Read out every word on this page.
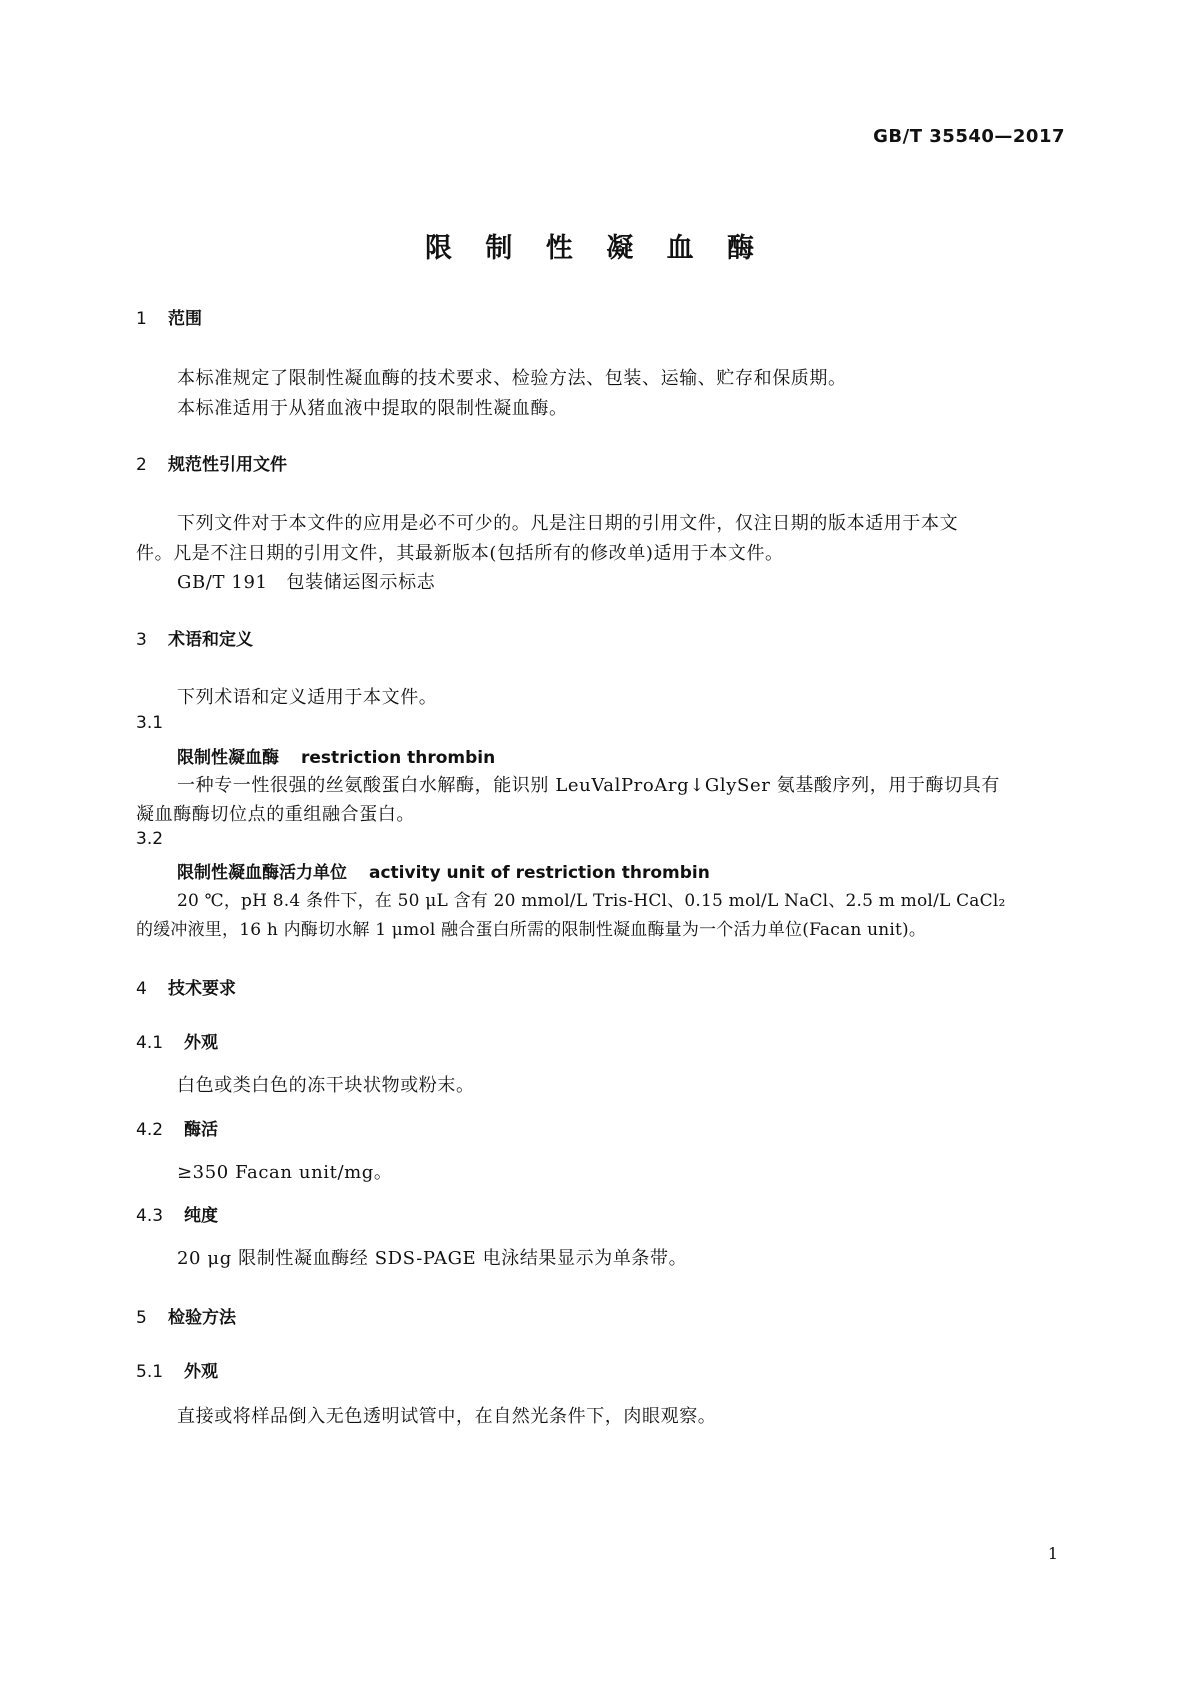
GB/T 35540—2017
限 制 性 凝 血 酶
1 范围
本标准规定了限制性凝血酶的技术要求、检验方法、包装、运输、贮存和保质期。
本标准适用于从猪血液中提取的限制性凝血酶。
2 规范性引用文件
下列文件对于本文件的应用是必不可少的。凡是注日期的引用文件，仅注日期的版本适用于本文
件。凡是不注日期的引用文件，其最新版本(包括所有的修改单)适用于本文件。
GB/T 191   包装储运图示标志
3 术语和定义
下列术语和定义适用于本文件。
3.1
限制性凝血酶 restriction thrombin
一种专一性很强的丝氨酸蛋白水解酶，能识别 LeuValProArg↓GlySer 氨基酸序列，用于酶切具有
凝血酶酶切位点的重组融合蛋白。
3.2
限制性凝血酶活力单位 activity unit of restriction thrombin
20 ℃，pH 8.4 条件下，在 50 μL 含有 20 mmol/L Tris-HCl、0.15 mol/L NaCl、2.5 m mol/L CaCl₂
的缓冲液里，16 h 内酶切水解 1 μmol 融合蛋白所需的限制性凝血酶量为一个活力单位(Facan unit)。
4 技术要求
4.1 外观
白色或类白色的冻干块状物或粉末。
4.2 酶活
≥350 Facan unit/mg。
4.3 纯度
20 μg 限制性凝血酶经 SDS-PAGE 电泳结果显示为单条带。
5 检验方法
5.1 外观
直接或将样品倒入无色透明试管中，在自然光条件下，肉眼观察。
1
